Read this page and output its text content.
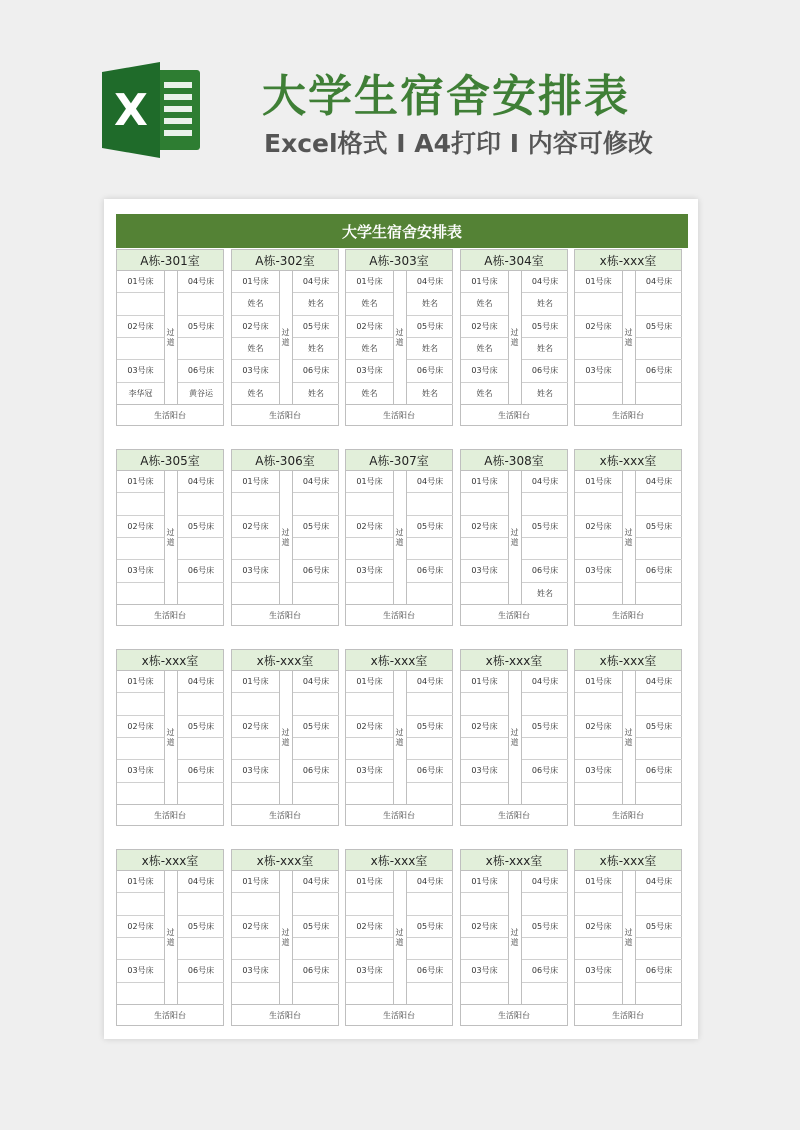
X	大学生宿舍安排表
Excel格式 I A4打印 I 内容可修改
大学生宿舍安排表
A栋-301室
01号床
02号床
03号床
李华冠
04号床
05号床
06号床
黄谷运
过道
生活阳台
A栋-302室
01号床
姓名
02号床
姓名
03号床
姓名
04号床
姓名
05号床
姓名
06号床
姓名
过道
生活阳台
A栋-303室
01号床
姓名
02号床
姓名
03号床
姓名
04号床
姓名
05号床
姓名
06号床
姓名
过道
生活阳台
A栋-304室
01号床
姓名
02号床
姓名
03号床
姓名
04号床
姓名
05号床
姓名
06号床
姓名
过道
生活阳台
x栋-xxx室
01号床
02号床
03号床
04号床
05号床
06号床
过道
生活阳台
A栋-305室
01号床
02号床
03号床
04号床
05号床
06号床
过道
生活阳台
A栋-306室
01号床
02号床
03号床
04号床
05号床
06号床
过道
生活阳台
A栋-307室
01号床
02号床
03号床
04号床
05号床
06号床
过道
生活阳台
A栋-308室
01号床
02号床
03号床
04号床
05号床
06号床
姓名
过道
生活阳台
x栋-xxx室
01号床
02号床
03号床
04号床
05号床
06号床
过道
生活阳台
x栋-xxx室
01号床
02号床
03号床
04号床
05号床
06号床
过道
生活阳台
x栋-xxx室
01号床
02号床
03号床
04号床
05号床
06号床
过道
生活阳台
x栋-xxx室
01号床
02号床
03号床
04号床
05号床
06号床
过道
生活阳台
x栋-xxx室
01号床
02号床
03号床
04号床
05号床
06号床
过道
生活阳台
x栋-xxx室
01号床
02号床
03号床
04号床
05号床
06号床
过道
生活阳台
x栋-xxx室
01号床
02号床
03号床
04号床
05号床
06号床
过道
生活阳台
x栋-xxx室
01号床
02号床
03号床
04号床
05号床
06号床
过道
生活阳台
x栋-xxx室
01号床
02号床
03号床
04号床
05号床
06号床
过道
生活阳台
x栋-xxx室
01号床
02号床
03号床
04号床
05号床
06号床
过道
生活阳台
x栋-xxx室
01号床
02号床
03号床
04号床
05号床
06号床
过道
生活阳台
